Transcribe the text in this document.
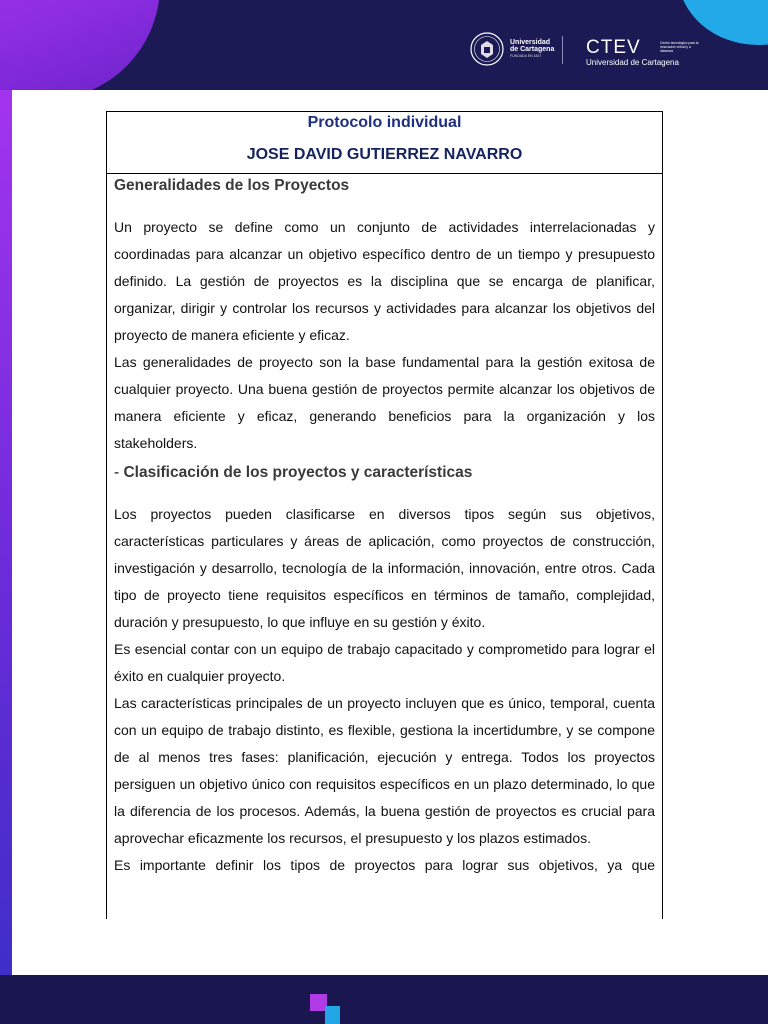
Universidad
de Cartagena
FUNDADA EN 1827	CTEV	Centro tecnológico para la innovación virtual y a distancia
Universidad de Cartagena
Protocolo individual
JOSE DAVID GUTIERREZ NAVARRO

Generalidades de los Proyectos

Un proyecto se define como un conjunto de actividades interrelacionadas y coordinadas para alcanzar un objetivo específico dentro de un tiempo y presupuesto definido. La gestión de proyectos es la disciplina que se encarga de planificar, organizar, dirigir y controlar los recursos y actividades para alcanzar los objetivos del proyecto de manera eficiente y eficaz.

Las generalidades de proyecto son la base fundamental para la gestión exitosa de cualquier proyecto. Una buena gestión de proyectos permite alcanzar los objetivos de manera eficiente y eficaz, generando beneficios para la organización y los stakeholders.

- Clasificación de los proyectos y características

Los proyectos pueden clasificarse en diversos tipos según sus objetivos, características particulares y áreas de aplicación, como proyectos de construcción, investigación y desarrollo, tecnología de la información, innovación, entre otros. Cada tipo de proyecto tiene requisitos específicos en términos de tamaño, complejidad, duración y presupuesto, lo que influye en su gestión y éxito.

Es esencial contar con un equipo de trabajo capacitado y comprometido para lograr el éxito en cualquier proyecto.

Las características principales de un proyecto incluyen que es único, temporal, cuenta con un equipo de trabajo distinto, es flexible, gestiona la incertidumbre, y se compone de al menos tres fases: planificación, ejecución y entrega. Todos los proyectos persiguen un objetivo único con requisitos específicos en un plazo determinado, lo que la diferencia de los procesos. Además, la buena gestión de proyectos es crucial para aprovechar eficazmente los recursos, el presupuesto y los plazos estimados.

Es importante definir los tipos de proyectos para lograr sus objetivos, ya que
